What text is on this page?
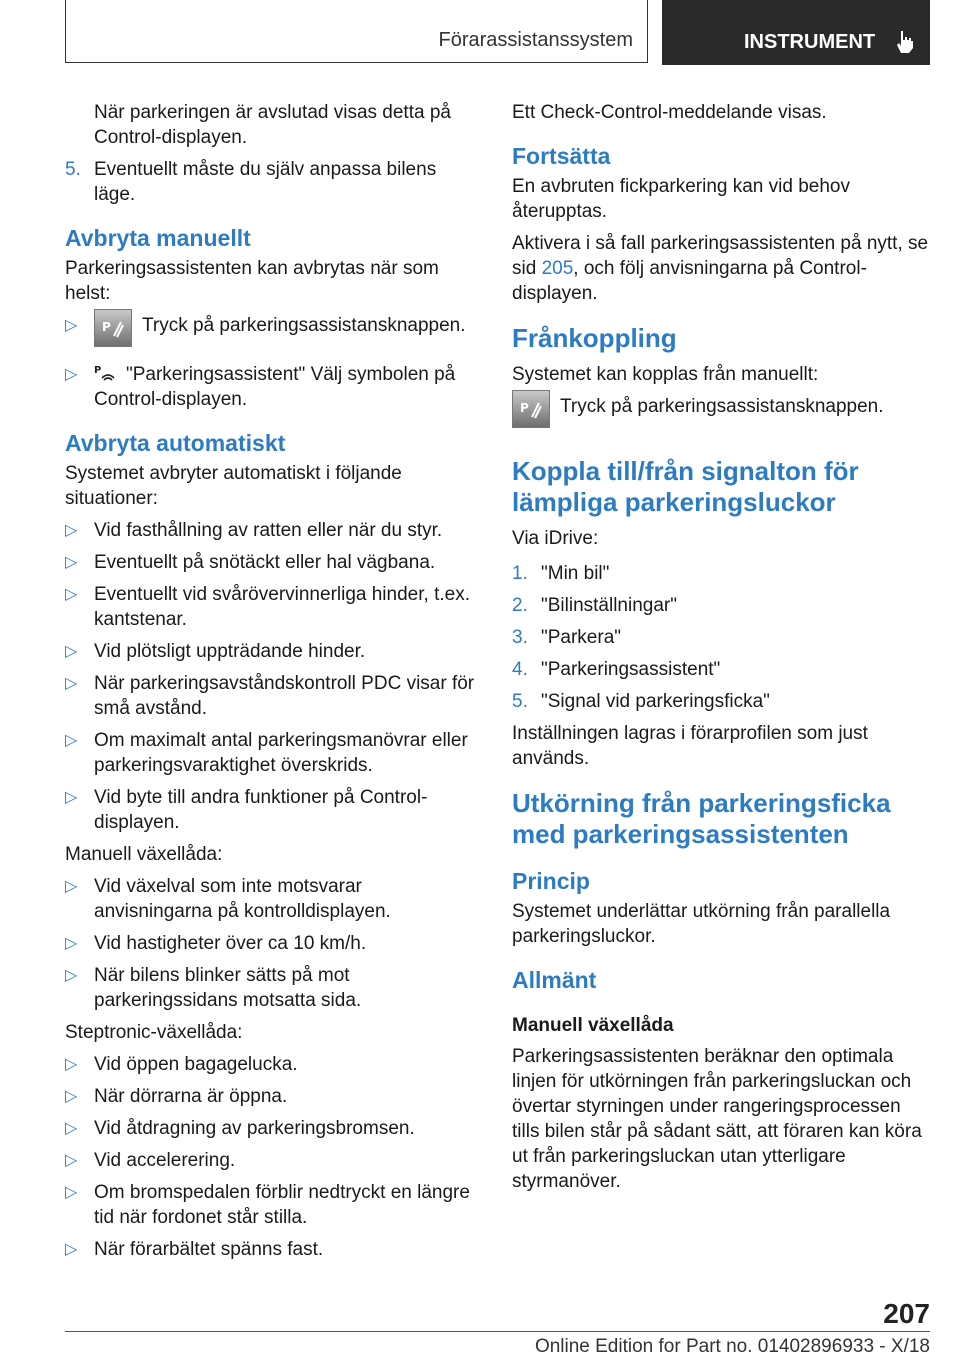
Förarassistanssystem	INSTRUMENT

När parkeringen är avslutad visas detta på Control-displayen.

5. Eventuellt måste du själv anpassa bilens läge.
Avbryta manuellt

Parkeringsassistenten kan avbrytas när som helst:

▷ P Tryck på parkeringsassistansknappen.
▷ P "Parkeringsassistent" Välj symbolen på Control-displayen.
Avbryta automatiskt

Systemet avbryter automatiskt i följande situationer:

▷ Vid fasthållning av ratten eller när du styr.
▷ Eventuellt på snötäckt eller hal vägbana.
▷ Eventuellt vid svårövervinnerliga hinder, t.ex. kantstenar.
▷ Vid plötsligt uppträdande hinder.
▷ När parkeringsavståndskontroll PDC visar för små avstånd.
▷ Om maximalt antal parkeringsmanövrar eller parkeringsvaraktighet överskrids.
▷ Vid byte till andra funktioner på Control-displayen.

Manuell växellåda:

▷ Vid växelval som inte motsvarar anvisningarna på kontrolldisplayen.
▷ Vid hastigheter över ca 10 km/h.
▷ När bilens blinker sätts på mot parkeringssidans motsatta sida.

Steptronic-växellåda:

▷ Vid öppen bagagelucka.
▷ När dörrarna är öppna.
▷ Vid åtdragning av parkeringsbromsen.
▷ Vid accelerering.
▷ Om bromspedalen förblir nedtryckt en längre tid när fordonet står stilla.
▷ När förarbältet spänns fast.

Ett Check-Control-meddelande visas.

Fortsätta

En avbruten fickparkering kan vid behov återupptas.

Aktivera i så fall parkeringsassistenten på nytt, se sid 205, och följ anvisningarna på Control-displayen.

Frånkoppling

Systemet kan kopplas från manuellt:

P Tryck på parkeringsassistansknappen.
Koppla till/från signalton för lämpliga parkeringsluckor

Via iDrive:

1. "Min bil"
2. "Bilinställningar"
3. "Parkera"
4. "Parkeringsassistent"
5. "Signal vid parkeringsficka"

Inställningen lagras i förarprofilen som just används.

Utkörning från parkeringsficka med parkeringsassistenten
Princip

Systemet underlättar utkörning från parallella parkeringsluckor.

Allmänt
Manuell växellåda

Parkeringsassistenten beräknar den optimala linjen för utkörningen från parkeringsluckan och övertar styrningen under rangeringsprocessen tills bilen står på sådant sätt, att föraren kan köra ut från parkeringsluckan utan ytterligare styrmanöver.

207
Online Edition for Part no. 01402896933 - X/18
